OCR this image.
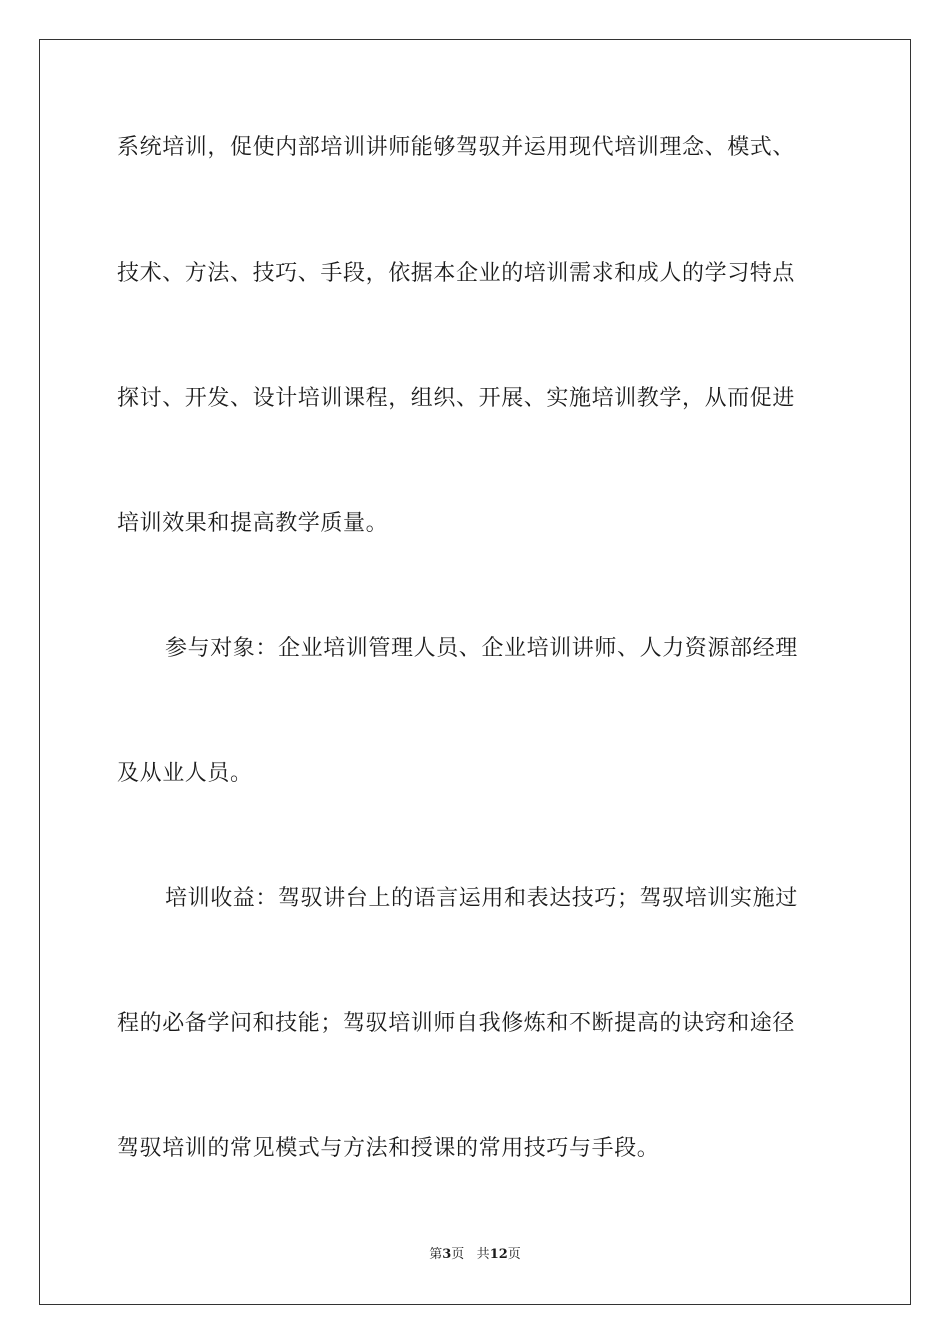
系统培训，促使内部培训讲师能够驾驭并运用现代培训理念、模式、
技术、方法、技巧、手段，依据本企业的培训需求和成人的学习特点
探讨、开发、设计培训课程，组织、开展、实施培训教学，从而促进
培训效果和提高教学质量。
参与对象：企业培训管理人员、企业培训讲师、人力资源部经理
及从业人员。
培训收益：驾驭讲台上的语言运用和表达技巧；驾驭培训实施过
程的必备学问和技能；驾驭培训师自我修炼和不断提高的诀窍和途径
驾驭培训的常见模式与方法和授课的常用技巧与手段。
第3页 共12页
